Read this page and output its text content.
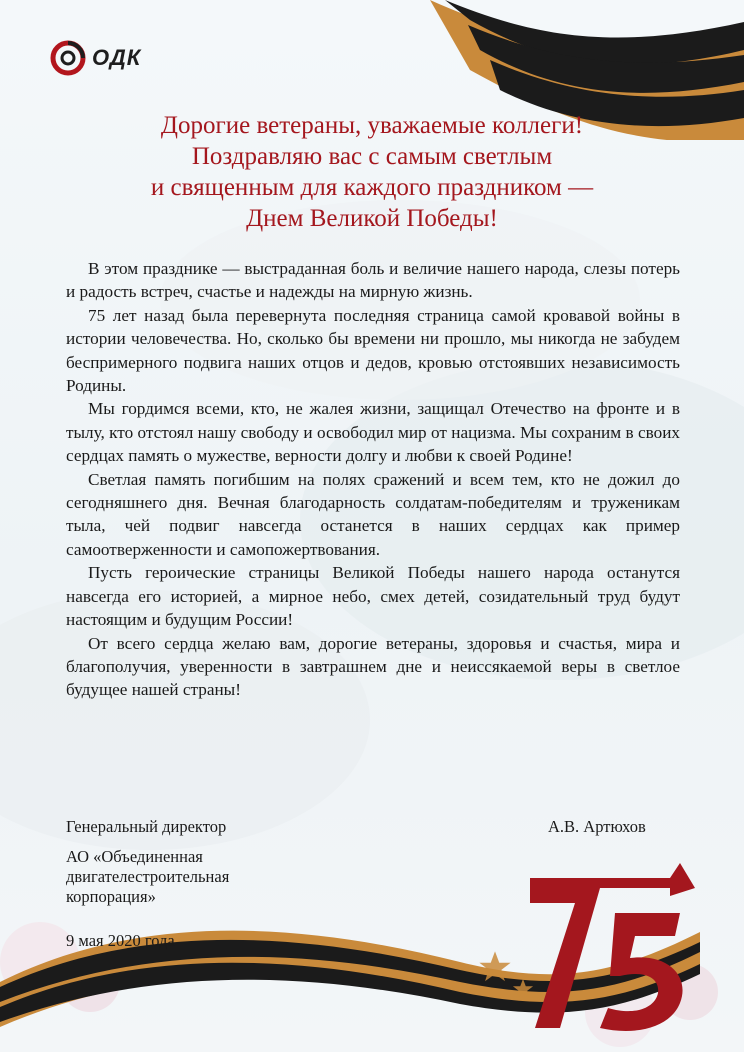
ОДК
Дорогие ветераны, уважаемые коллеги!
Поздравляю вас с самым светлым
и священным для каждого праздником —
Днем Великой Победы!

В этом празднике — выстраданная боль и величие нашего народа, слезы потерь и радость встреч, счастье и надежды на мирную жизнь.

75 лет назад была перевернута последняя страница самой кровавой войны в истории человечества. Но, сколько бы времени ни прошло, мы никогда не забудем беспримерного подвига наших отцов и дедов, кровью отстоявших независимость Родины.

Мы гордимся всеми, кто, не жалея жизни, защищал Отечество на фронте и в тылу, кто отстоял нашу свободу и освободил мир от нацизма. Мы сохраним в своих сердцах память о мужестве, верности долгу и любви к своей Родине!

Светлая память погибшим на полях сражений и всем тем, кто не дожил до сегодняшнего дня. Вечная благодарность солдатам-победителям и труженикам тыла, чей подвиг навсегда останется в наших сердцах как пример самоотверженности и самопожертвования.

Пусть героические страницы Великой Победы нашего народа останутся навсегда его историей, а мирное небо, смех детей, созидательный труд будут настоящим и будущим России!

От всего сердца желаю вам, дорогие ветераны, здоровья и счастья, мира и благополучия, уверенности в завтрашнем дне и неиссякаемой веры в светлое будущее нашей страны!

Генеральный директор
АО «Объединенная
двигателестроительная
корпорация»
9 мая 2020 года
А.В. Артюхов
